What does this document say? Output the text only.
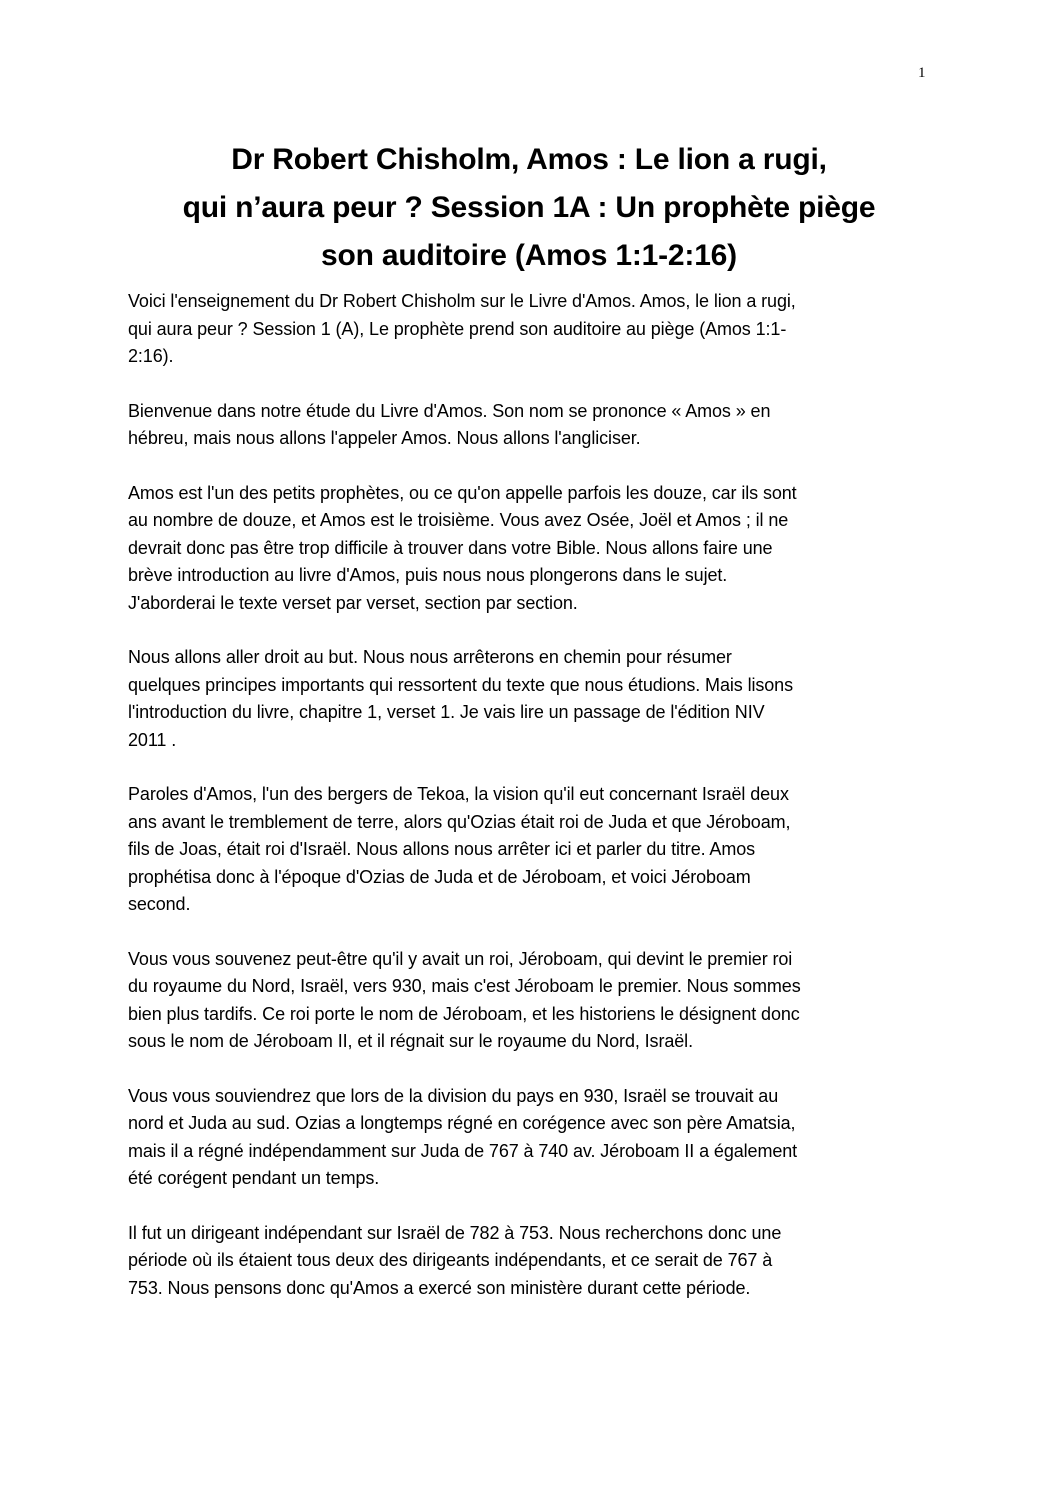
1
Dr Robert Chisholm, Amos : Le lion a rugi,
qui n’aura peur ? Session 1A : Un prophète piège
son auditoire (Amos 1:1-2:16)

Voici l'enseignement du Dr Robert Chisholm sur le Livre d'Amos. Amos, le lion a rugi,
qui aura peur ? Session 1 (A), Le prophète prend son auditoire au piège (Amos 1:1-
2:16).

Bienvenue dans notre étude du Livre d'Amos. Son nom se prononce « Amos » en
hébreu, mais nous allons l'appeler Amos. Nous allons l'angliciser.

Amos est l'un des petits prophètes, ou ce qu'on appelle parfois les douze, car ils sont
au nombre de douze, et Amos est le troisième. Vous avez Osée, Joël et Amos ; il ne
devrait donc pas être trop difficile à trouver dans votre Bible. Nous allons faire une
brève introduction au livre d'Amos, puis nous nous plongerons dans le sujet.
J'aborderai le texte verset par verset, section par section.

Nous allons aller droit au but. Nous nous arrêterons en chemin pour résumer
quelques principes importants qui ressortent du texte que nous étudions. Mais lisons
l'introduction du livre, chapitre 1, verset 1. Je vais lire un passage de l'édition NIV
2011 .

Paroles d'Amos, l'un des bergers de Tekoa, la vision qu'il eut concernant Israël deux
ans avant le tremblement de terre, alors qu'Ozias était roi de Juda et que Jéroboam,
fils de Joas, était roi d'Israël. Nous allons nous arrêter ici et parler du titre. Amos
prophétisa donc à l'époque d'Ozias de Juda et de Jéroboam, et voici Jéroboam
second.

Vous vous souvenez peut-être qu'il y avait un roi, Jéroboam, qui devint le premier roi
du royaume du Nord, Israël, vers 930, mais c'est Jéroboam le premier. Nous sommes
bien plus tardifs. Ce roi porte le nom de Jéroboam, et les historiens le désignent donc
sous le nom de Jéroboam II, et il régnait sur le royaume du Nord, Israël.

Vous vous souviendrez que lors de la division du pays en 930, Israël se trouvait au
nord et Juda au sud. Ozias a longtemps régné en corégence avec son père Amatsia,
mais il a régné indépendamment sur Juda de 767 à 740 av. Jéroboam II a également
été corégent pendant un temps.

Il fut un dirigeant indépendant sur Israël de 782 à 753. Nous recherchons donc une
période où ils étaient tous deux des dirigeants indépendants, et ce serait de 767 à
753. Nous pensons donc qu'Amos a exercé son ministère durant cette période.
